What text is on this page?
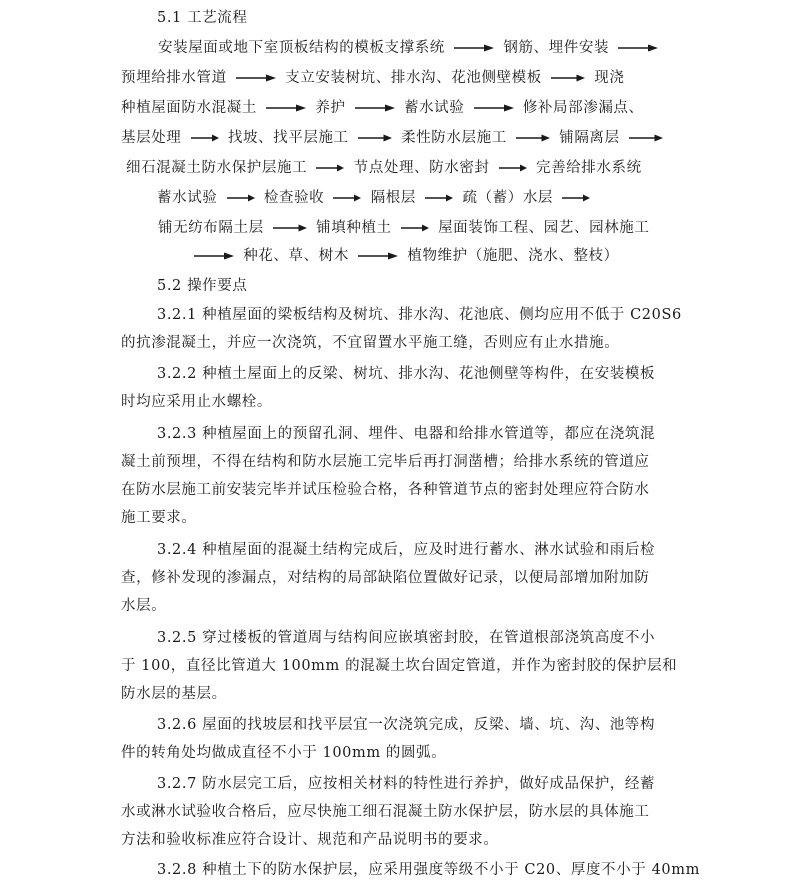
5.1 工艺流程
安装屋面或地下室顶板结构的模板支撑系统	钢筋、埋件安装
预埋给排水管道	支立安装树坑、排水沟、花池侧壁模板	现浇
种植屋面防水混凝土	养护	蓄水试验	修补局部渗漏点、
基层处理	找坡、找平层施工	柔性防水层施工	铺隔离层
细石混凝土防水保护层施工	节点处理、防水密封	完善给排水系统
蓄水试验	检查验收	隔根层	疏（蓄）水层
铺无纺布隔土层	铺填种植土	屋面装饰工程、园艺、园林施工
种花、草、树木	植物维护（施肥、浇水、整枝）
5.2 操作要点
3.2.1 种植屋面的梁板结构及树坑、排水沟、花池底、侧均应用不低于 C20S6
的抗渗混凝土，并应一次浇筑，不宜留置水平施工缝，否则应有止水措施。
3.2.2 种植土屋面上的反梁、树坑、排水沟、花池侧壁等构件，在安装模板
时均应采用止水螺栓。
3.2.3 种植屋面上的预留孔洞、埋件、电器和给排水管道等，都应在浇筑混
凝土前预埋，不得在结构和防水层施工完毕后再打洞凿槽；给排水系统的管道应
在防水层施工前安装完毕并试压检验合格，各种管道节点的密封处理应符合防水
施工要求。
3.2.4 种植屋面的混凝土结构完成后，应及时进行蓄水、淋水试验和雨后检
查，修补发现的渗漏点，对结构的局部缺陷位置做好记录，以便局部增加附加防
水层。
3.2.5 穿过楼板的管道周与结构间应嵌填密封胶，在管道根部浇筑高度不小
于 100，直径比管道大 100mm 的混凝土坎台固定管道，并作为密封胶的保护层和
防水层的基层。
3.2.6 屋面的找坡层和找平层宜一次浇筑完成，反梁、墙、坑、沟、池等构
件的转角处均做成直径不小于 100mm 的圆弧。
3.2.7 防水层完工后，应按相关材料的特性进行养护，做好成品保护，经蓄
水或淋水试验收合格后，应尽快施工细石混凝土防水保护层，防水层的具体施工
方法和验收标准应符合设计、规范和产品说明书的要求。
3.2.8 种植土下的防水保护层，应采用强度等级不小于 C20、厚度不小于 40mm
